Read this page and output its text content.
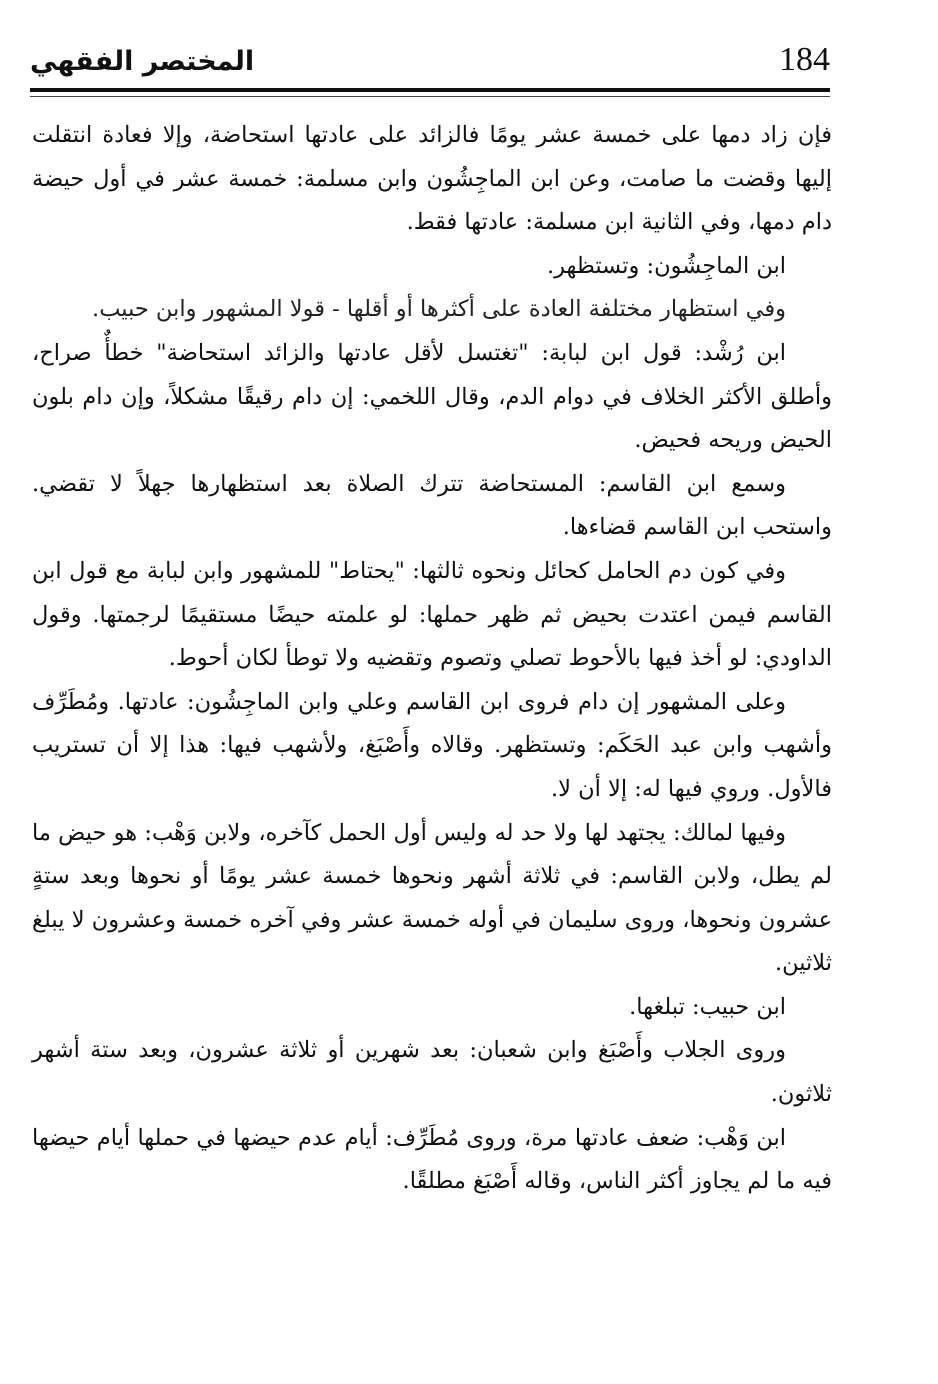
184
المختصر الفقهي

فإن زاد دمها على خمسة عشر يومًا فالزائد على عادتها استحاضة، وإلا فعادة انتقلت إليها وقضت ما صامت، وعن ابن الماجِشُون وابن مسلمة: خمسة عشر في أول حيضة دام دمها، وفي الثانية ابن مسلمة: عادتها فقط.

ابن الماجِشُون: وتستظهر.

وفي استظهار مختلفة العادة على أكثرها أو أقلها - قولا المشهور وابن حبيب.

ابن رُشْد: قول ابن لبابة: "تغتسل لأقل عادتها والزائد استحاضة" خطأٌ صراح، وأطلق الأكثر الخلاف في دوام الدم، وقال اللخمي: إن دام رقيقًا مشكلاً، وإن دام بلون الحيض وريحه فحيض.

وسمع ابن القاسم: المستحاضة تترك الصلاة بعد استظهارها جهلاً لا تقضي. واستحب ابن القاسم قضاءها.

وفي كون دم الحامل كحائل ونحوه ثالثها: "يحتاط" للمشهور وابن لبابة مع قول ابن القاسم فيمن اعتدت بحيض ثم ظهر حملها: لو علمته حيضًا مستقيمًا لرجمتها. وقول الداودي: لو أخذ فيها بالأحوط تصلي وتصوم وتقضيه ولا توطأ لكان أحوط.

وعلى المشهور إن دام فروى ابن القاسم وعلي وابن الماجِشُون: عادتها. ومُطَرِّف وأشهب وابن عبد الحَكَم: وتستظهر. وقالاه وأَصْبَغ، ولأشهب فيها: هذا إلا أن تستريب فالأول. وروي فيها له: إلا أن لا.

وفيها لمالك: يجتهد لها ولا حد له وليس أول الحمل كآخره، ولابن وَهْب: هو حيض ما لم يطل، ولابن القاسم: في ثلاثة أشهر ونحوها خمسة عشر يومًا أو نحوها وبعد ستةٍ عشرون ونحوها، وروى سليمان في أوله خمسة عشر وفي آخره خمسة وعشرون لا يبلغ ثلاثين.

ابن حبيب: تبلغها.

وروى الجلاب وأَصْبَغ وابن شعبان: بعد شهرين أو ثلاثة عشرون، وبعد ستة أشهر ثلاثون.

ابن وَهْب: ضعف عادتها مرة، وروى مُطَرِّف: أيام عدم حيضها في حملها أيام حيضها فيه ما لم يجاوز أكثر الناس، وقاله أَصْبَغ مطلقًا.
